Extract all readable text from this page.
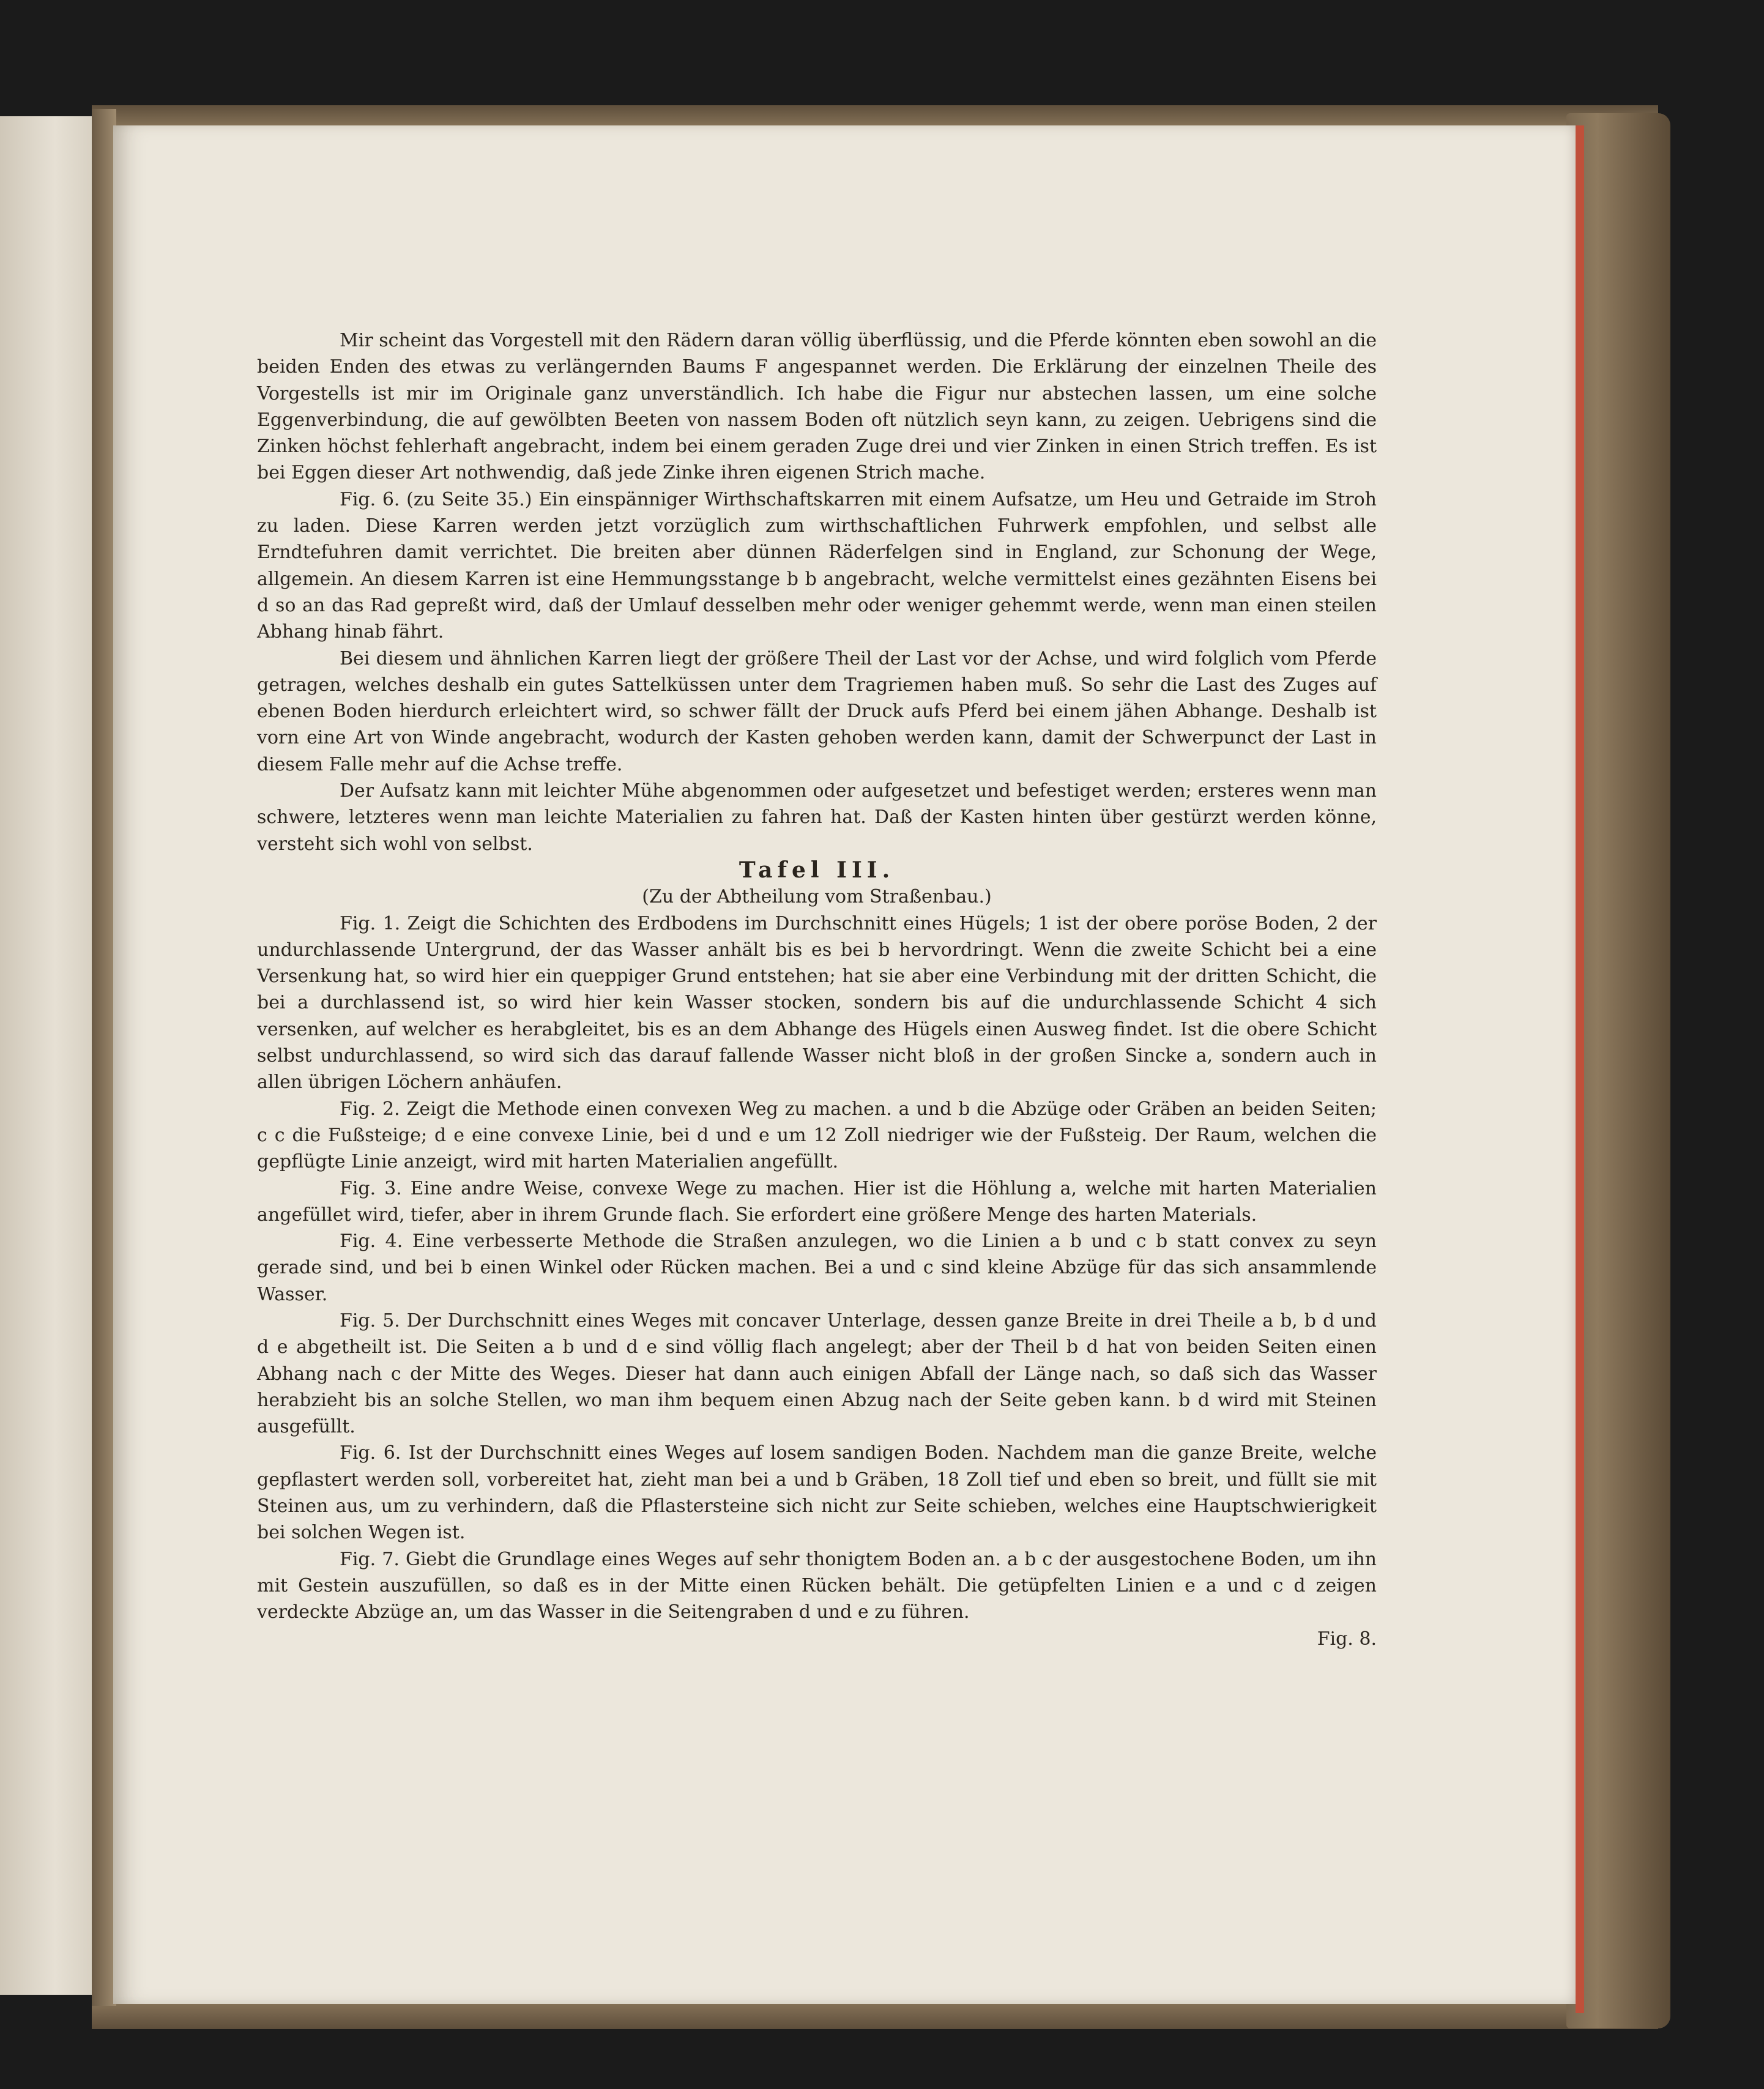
Mir scheint das Vorgestell mit den Rädern daran völlig überflüssig, und die Pferde könnten eben sowohl an die beiden Enden des etwas zu verlängernden Baums F angespannet werden. Die Erklärung der einzelnen Theile des Vorgestells ist mir im Originale ganz unverständlich. Ich habe die Figur nur abstechen lassen, um eine solche Eggenverbindung, die auf gewölbten Beeten von nassem Boden oft nützlich seyn kann, zu zeigen. Uebrigens sind die Zinken höchst fehlerhaft angebracht, indem bei einem geraden Zuge drei und vier Zinken in einen Strich treffen. Es ist bei Eggen dieser Art nothwendig, daß jede Zinke ihren eigenen Strich mache.

Fig. 6. (zu Seite 35.) Ein einspänniger Wirthschaftskarren mit einem Aufsatze, um Heu und Getraide im Stroh zu laden. Diese Karren werden jetzt vorzüglich zum wirthschaftlichen Fuhrwerk empfohlen, und selbst alle Erndtefuhren damit verrichtet. Die breiten aber dünnen Räderfelgen sind in England, zur Schonung der Wege, allgemein. An diesem Karren ist eine Hemmungsstange b b angebracht, welche vermittelst eines gezähnten Eisens bei d so an das Rad gepreßt wird, daß der Umlauf desselben mehr oder weniger gehemmt werde, wenn man einen steilen Abhang hinab fährt.

Bei diesem und ähnlichen Karren liegt der größere Theil der Last vor der Achse, und wird folglich vom Pferde getragen, welches deshalb ein gutes Sattelküssen unter dem Tragriemen haben muß. So sehr die Last des Zuges auf ebenen Boden hierdurch erleichtert wird, so schwer fällt der Druck aufs Pferd bei einem jähen Abhange. Deshalb ist vorn eine Art von Winde angebracht, wodurch der Kasten gehoben werden kann, damit der Schwerpunct der Last in diesem Falle mehr auf die Achse treffe.

Der Aufsatz kann mit leichter Mühe abgenommen oder aufgesetzet und befestiget werden; ersteres wenn man schwere, letzteres wenn man leichte Materialien zu fahren hat. Daß der Kasten hinten über gestürzt werden könne, versteht sich wohl von selbst.

Tafel III.

(Zu der Abtheilung vom Straßenbau.)

Fig. 1. Zeigt die Schichten des Erdbodens im Durchschnitt eines Hügels; 1 ist der obere poröse Boden, 2 der undurchlassende Untergrund, der das Wasser anhält bis es bei b hervordringt. Wenn die zweite Schicht bei a eine Versenkung hat, so wird hier ein queppiger Grund entstehen; hat sie aber eine Verbindung mit der dritten Schicht, die bei a durchlassend ist, so wird hier kein Wasser stocken, sondern bis auf die undurchlassende Schicht 4 sich versenken, auf welcher es herabgleitet, bis es an dem Abhange des Hügels einen Ausweg findet. Ist die obere Schicht selbst undurchlassend, so wird sich das darauf fallende Wasser nicht bloß in der großen Sincke a, sondern auch in allen übrigen Löchern anhäufen.

Fig. 2. Zeigt die Methode einen convexen Weg zu machen. a und b die Abzüge oder Gräben an beiden Seiten; c c die Fußsteige; d e eine convexe Linie, bei d und e um 12 Zoll niedriger wie der Fußsteig. Der Raum, welchen die gepflügte Linie anzeigt, wird mit harten Materialien angefüllt.

Fig. 3. Eine andre Weise, convexe Wege zu machen. Hier ist die Höhlung a, welche mit harten Materialien angefüllet wird, tiefer, aber in ihrem Grunde flach. Sie erfordert eine größere Menge des harten Materials.

Fig. 4. Eine verbesserte Methode die Straßen anzulegen, wo die Linien a b und c b statt convex zu seyn gerade sind, und bei b einen Winkel oder Rücken machen. Bei a und c sind kleine Abzüge für das sich ansammlende Wasser.

Fig. 5. Der Durchschnitt eines Weges mit concaver Unterlage, dessen ganze Breite in drei Theile a b, b d und d e abgetheilt ist. Die Seiten a b und d e sind völlig flach angelegt; aber der Theil b d hat von beiden Seiten einen Abhang nach c der Mitte des Weges. Dieser hat dann auch einigen Abfall der Länge nach, so daß sich das Wasser herabzieht bis an solche Stellen, wo man ihm bequem einen Abzug nach der Seite geben kann. b d wird mit Steinen ausgefüllt.

Fig. 6. Ist der Durchschnitt eines Weges auf losem sandigen Boden. Nachdem man die ganze Breite, welche gepflastert werden soll, vorbereitet hat, zieht man bei a und b Gräben, 18 Zoll tief und eben so breit, und füllt sie mit Steinen aus, um zu verhindern, daß die Pflastersteine sich nicht zur Seite schieben, welches eine Hauptschwierigkeit bei solchen Wegen ist.

Fig. 7. Giebt die Grundlage eines Weges auf sehr thonigtem Boden an. a b c der ausgestochene Boden, um ihn mit Gestein auszufüllen, so daß es in der Mitte einen Rücken behält. Die getüpfelten Linien e a und c d zeigen verdeckte Abzüge an, um das Wasser in die Seitengraben d und e zu führen.

Fig. 8.
